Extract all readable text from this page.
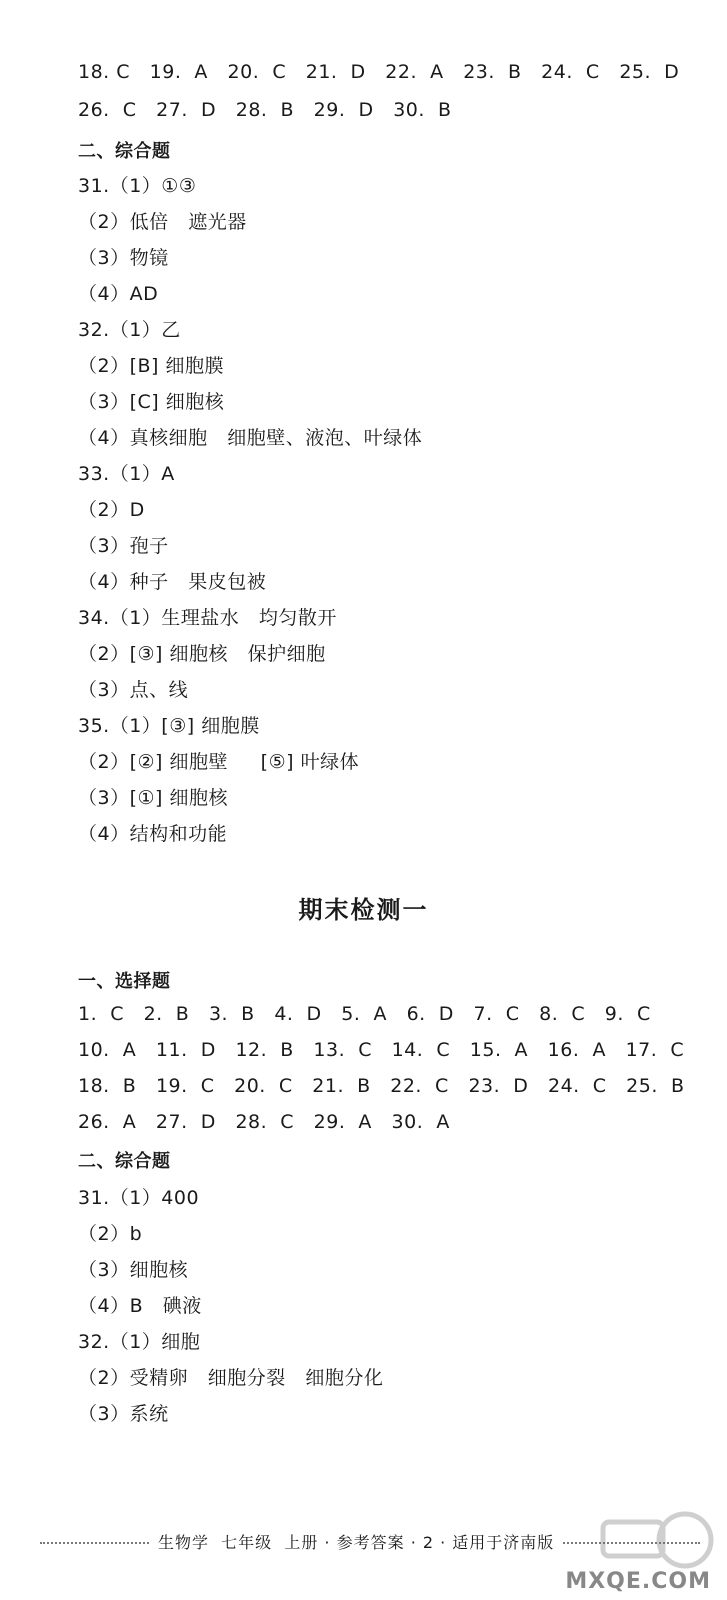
18. C   19.  A   20.  C   21.  D   22.  A   23.  B   24.  C   25.  D
26.  C   27.  D   28.  B   29.  D   30.  B
二、综合题
31.（1）①③
（2）低倍   遮光器
（3）物镜
（4）AD
32.（1）乙
（2）[B] 细胞膜
（3）[C] 细胞核
（4）真核细胞   细胞壁、液泡、叶绿体
33.（1）A
（2）D
（3）孢子
（4）种子   果皮包被
34.（1）生理盐水   均匀散开
（2）[③] 细胞核   保护细胞
（3）点、线
35.（1）[③] 细胞膜
（2）[②] 细胞壁     [⑤] 叶绿体
（3）[①] 细胞核
（4）结构和功能
期末检测一
一、选择题
1.  C   2.  B   3.  B   4.  D   5.  A   6.  D   7.  C   8.  C   9.  C
10.  A   11.  D   12.  B   13.  C   14.  C   15.  A   16.  A   17.  C
18.  B   19.  C   20.  C   21.  B   22.  C   23.  D   24.  C   25.  B
26.  A   27.  D   28.  C   29.  A   30.  A
二、综合题
31.（1）400
（2）b
（3）细胞核
（4）B   碘液
32.（1）细胞
（2）受精卵   细胞分裂   细胞分化
（3）系统
生物学  七年级  上册 · 参考答案 · 2 · 适用于济南版
MXQE.COM
